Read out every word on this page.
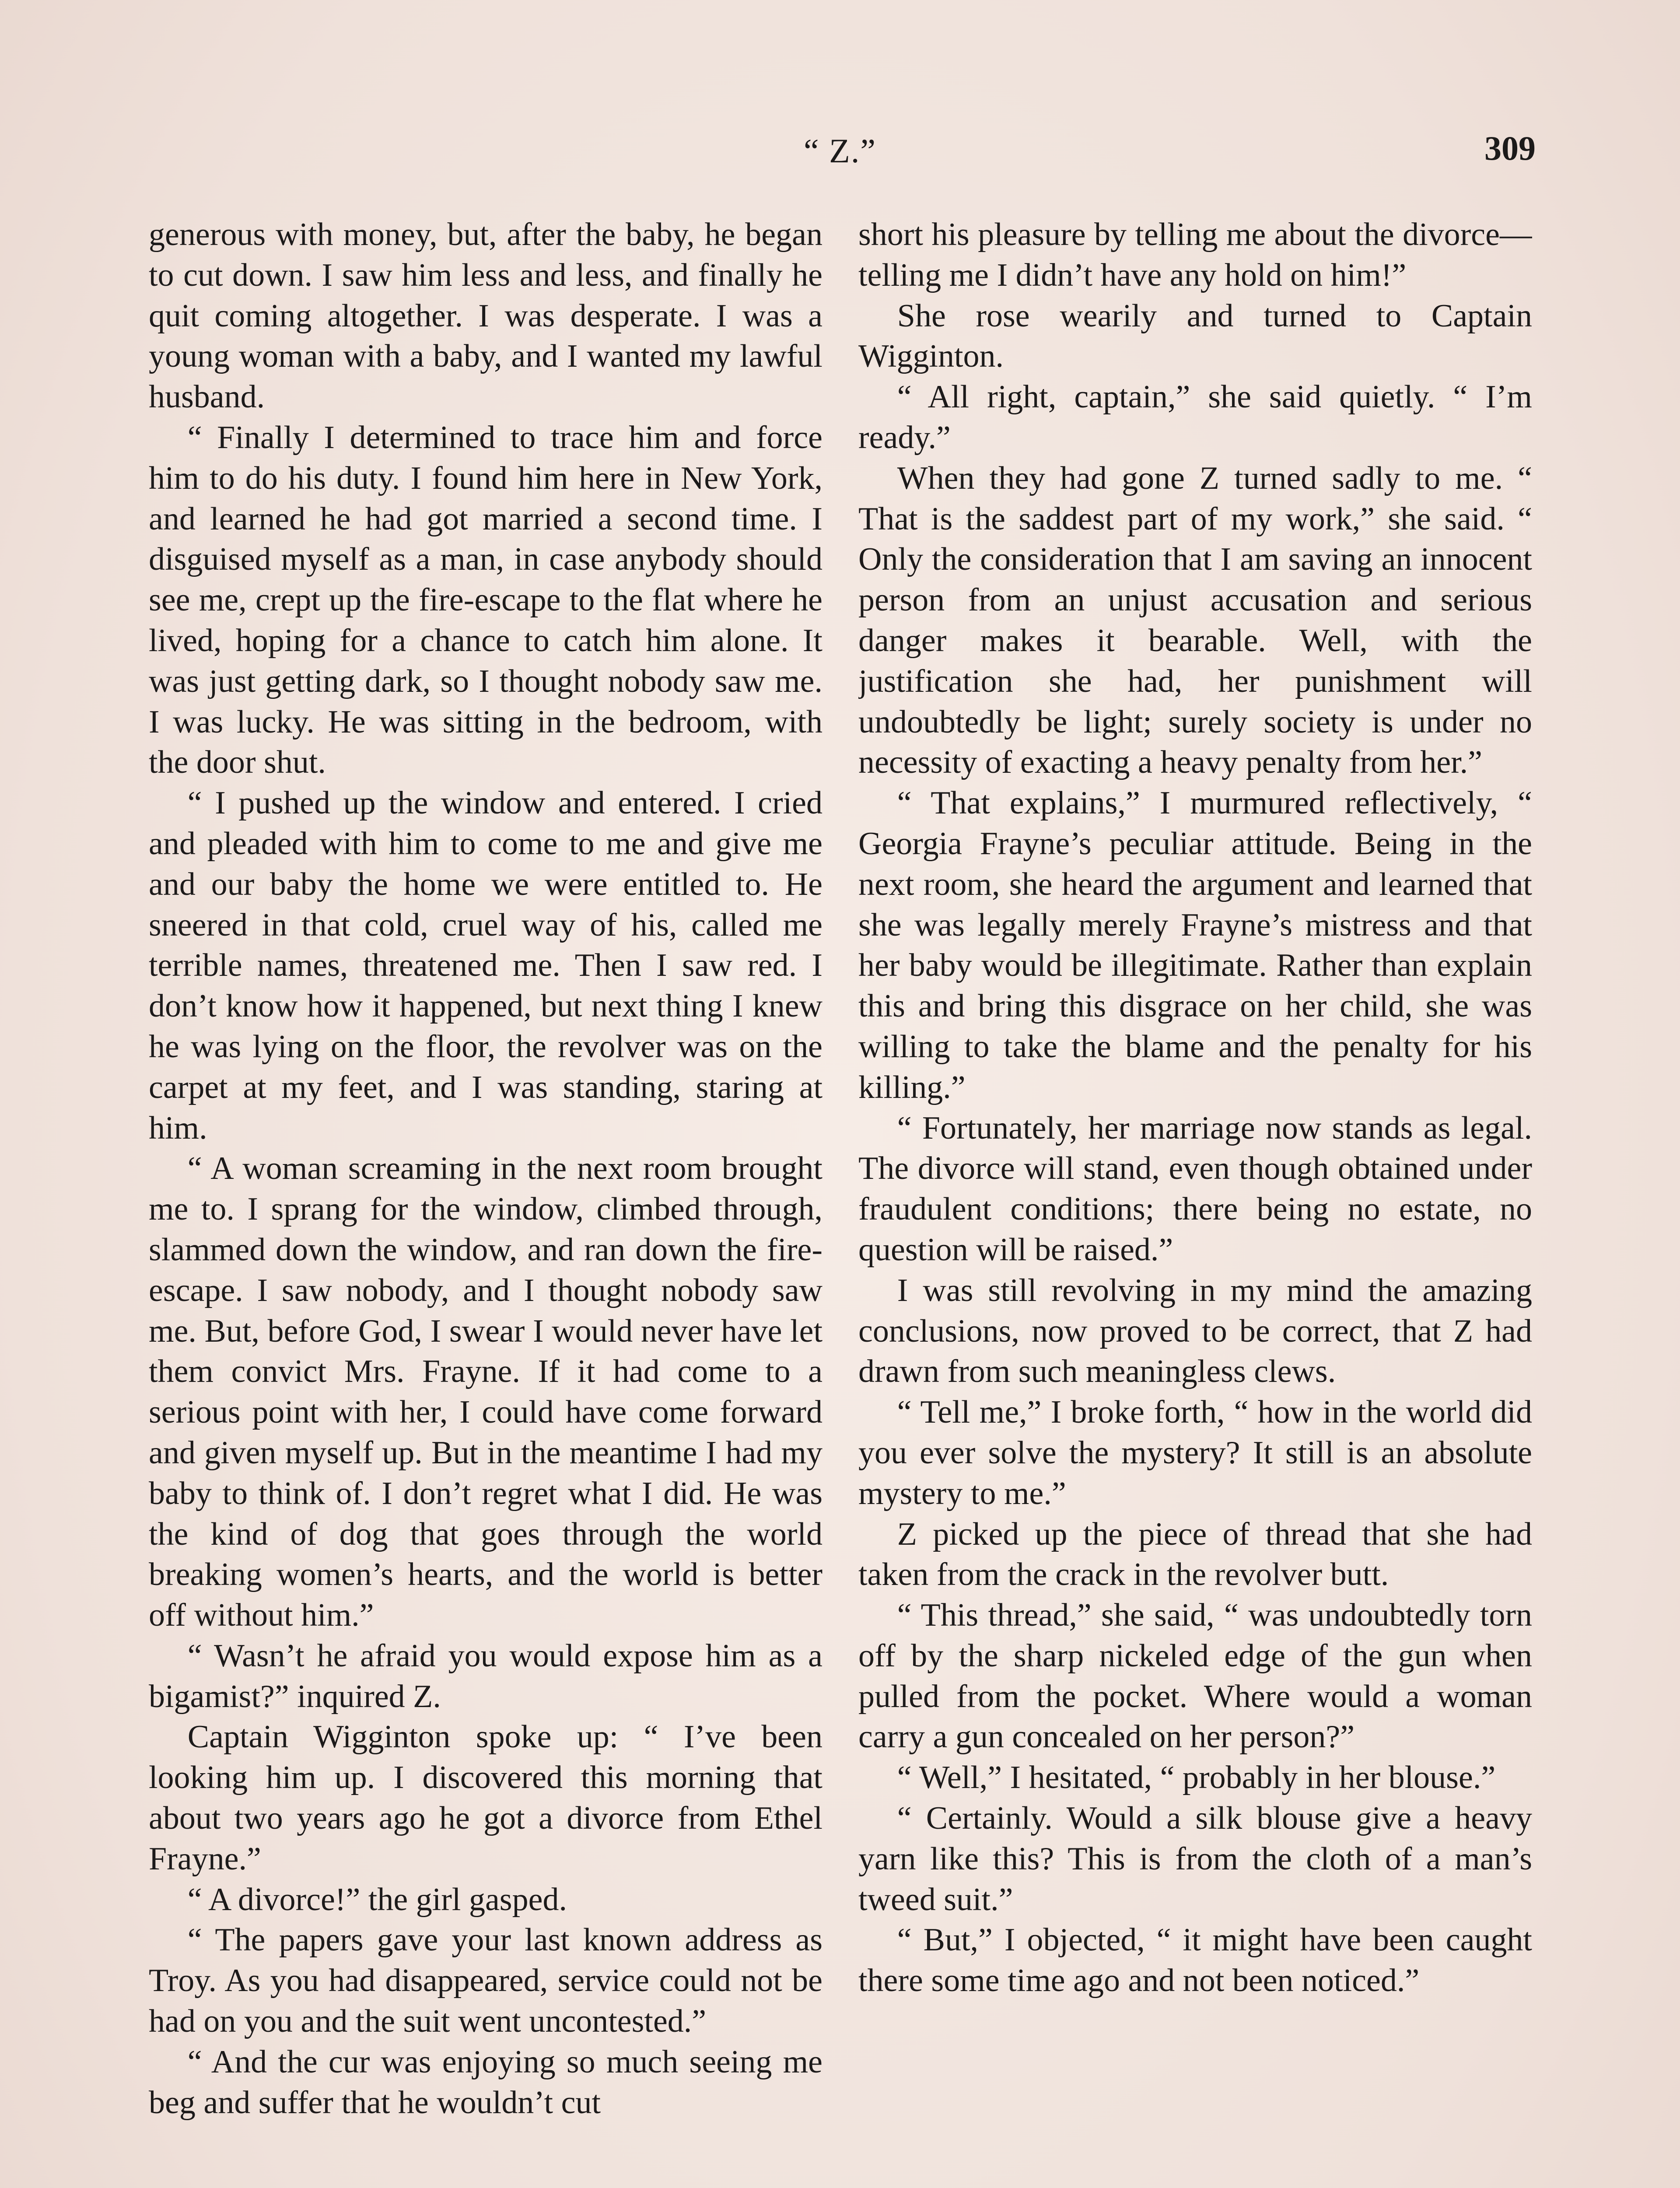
“ Z.”	309

generous with money, but, after the baby, he began to cut down. I saw him less and less, and finally he quit coming altogether. I was desperate. I was a young woman with a baby, and I wanted my lawful husband.

“ Finally I determined to trace him and force him to do his duty. I found him here in New York, and learned he had got married a second time. I disguised myself as a man, in case anybody should see me, crept up the fire-escape to the flat where he lived, hoping for a chance to catch him alone. It was just getting dark, so I thought nobody saw me. I was lucky. He was sitting in the bedroom, with the door shut.

“ I pushed up the window and entered. I cried and pleaded with him to come to me and give me and our baby the home we were entitled to. He sneered in that cold, cruel way of his, called me terrible names, threatened me. Then I saw red. I don’t know how it happened, but next thing I knew he was lying on the floor, the revolver was on the carpet at my feet, and I was standing, staring at him.

“ A woman screaming in the next room brought me to. I sprang for the window, climbed through, slammed down the window, and ran down the fire-escape. I saw nobody, and I thought nobody saw me. But, before God, I swear I would never have let them convict Mrs. Frayne. If it had come to a serious point with her, I could have come forward and given myself up. But in the meantime I had my baby to think of. I don’t regret what I did. He was the kind of dog that goes through the world breaking women’s hearts, and the world is better off without him.”

“ Wasn’t he afraid you would expose him as a bigamist?” inquired Z.

Captain Wigginton spoke up: “ I’ve been looking him up. I discovered this morning that about two years ago he got a divorce from Ethel Frayne.”

“ A divorce!” the girl gasped.

“ The papers gave your last known address as Troy. As you had disappeared, service could not be had on you and the suit went uncontested.”

“ And the cur was enjoying so much seeing me beg and suffer that he wouldn’t cut

short his pleasure by telling me about the divorce—telling me I didn’t have any hold on him!”

She rose wearily and turned to Captain Wigginton.

“ All right, captain,” she said quietly. “ I’m ready.”

When they had gone Z turned sadly to me. “ That is the saddest part of my work,” she said. “ Only the consideration that I am saving an innocent person from an unjust accusation and serious danger makes it bearable. Well, with the justification she had, her punishment will undoubtedly be light; surely society is under no necessity of exacting a heavy penalty from her.”

“ That explains,” I murmured reflectively, “ Georgia Frayne’s peculiar attitude. Being in the next room, she heard the argument and learned that she was legally merely Frayne’s mistress and that her baby would be illegitimate. Rather than explain this and bring this disgrace on her child, she was willing to take the blame and the penalty for his killing.”

“ Fortunately, her marriage now stands as legal. The divorce will stand, even though obtained under fraudulent conditions; there being no estate, no question will be raised.”

I was still revolving in my mind the amazing conclusions, now proved to be correct, that Z had drawn from such meaningless clews.

“ Tell me,” I broke forth, “ how in the world did you ever solve the mystery? It still is an absolute mystery to me.”

Z picked up the piece of thread that she had taken from the crack in the revolver butt.

“ This thread,” she said, “ was undoubtedly torn off by the sharp nickeled edge of the gun when pulled from the pocket. Where would a woman carry a gun concealed on her person?”

“ Well,” I hesitated, “ probably in her blouse.”

“ Certainly. Would a silk blouse give a heavy yarn like this? This is from the cloth of a man’s tweed suit.”

“ But,” I objected, “ it might have been caught there some time ago and not been noticed.”
